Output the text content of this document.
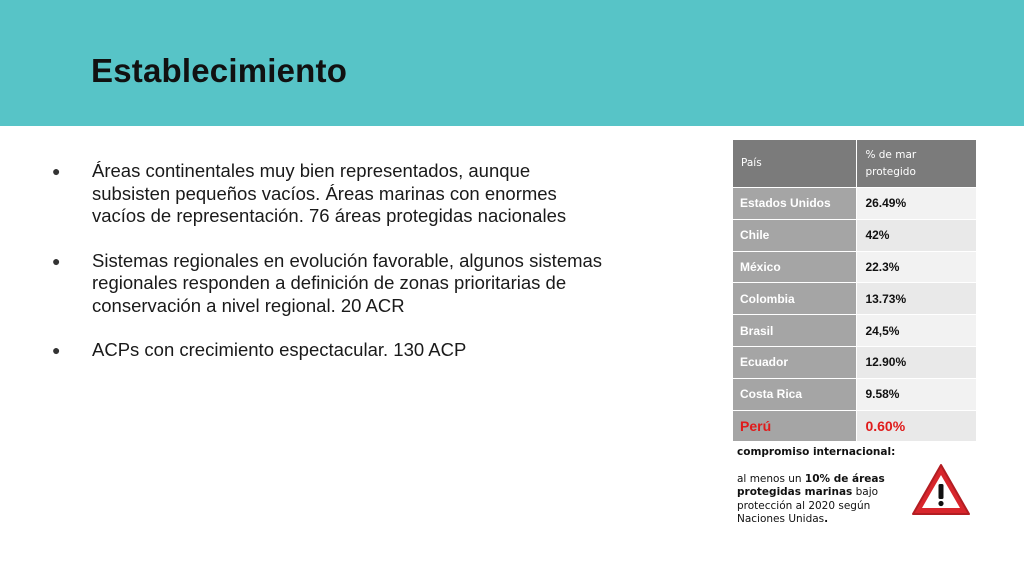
Establecimiento
● Áreas continentales muy bien representados, aunque subsisten pequeños vacíos. Áreas marinas con enormes vacíos de representación. 76 áreas protegidas nacionales
● Sistemas regionales en evolución favorable, algunos sistemas regionales responden a definición de zonas prioritarias de conservación a nivel regional. 20 ACR
● ACPs con crecimiento espectacular. 130 ACP
País	% de mar protegido
Estados Unidos	26.49%
Chile	42%
México	22.3%
Colombia	13.73%
Brasil	24,5%
Ecuador	12.90%
Costa Rica	9.58%
Perú	0.60%
compromiso internacional:
al menos un 10% de áreas protegidas marinas bajo protección al 2020 según Naciones Unidas.
